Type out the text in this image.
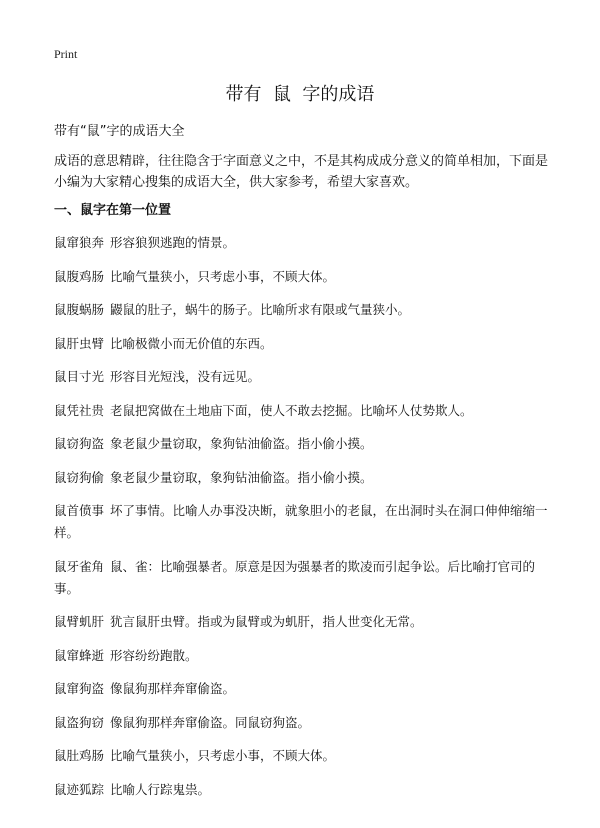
Print
带有  鼠  字的成语
带有“鼠”字的成语大全
成语的意思精辟，往往隐含于字面意义之中，不是其构成成分意义的简单相加，下面是小编为大家精心搜集的成语大全，供大家参考，希望大家喜欢。
一、鼠字在第一位置
鼠窜狼奔 形容狼狈逃跑的情景。
鼠腹鸡肠 比喻气量狭小，只考虑小事，不顾大体。
鼠腹蜗肠 鼹鼠的肚子，蜗牛的肠子。比喻所求有限或气量狭小。
鼠肝虫臂 比喻极微小而无价值的东西。
鼠目寸光 形容目光短浅，没有远见。
鼠凭社贵 老鼠把窝做在土地庙下面，使人不敢去挖掘。比喻坏人仗势欺人。
鼠窃狗盗 象老鼠少量窃取，象狗钻油偷盗。指小偷小摸。
鼠窃狗偷 象老鼠少量窃取，象狗钻油偷盗。指小偷小摸。
鼠首偾事 坏了事情。比喻人办事没决断，就象胆小的老鼠，在出洞时头在洞口伸伸缩缩一样。
鼠牙雀角 鼠、雀：比喻强暴者。原意是因为强暴者的欺凌而引起争讼。后比喻打官司的事。
鼠臂虮肝 犹言鼠肝虫臂。指或为鼠臂或为虮肝，指人世变化无常。
鼠窜蜂逝 形容纷纷跑散。
鼠窜狗盗 像鼠狗那样奔窜偷盗。
鼠盗狗窃 像鼠狗那样奔窜偷盗。同鼠窃狗盗。
鼠肚鸡肠 比喻气量狭小，只考虑小事，不顾大体。
鼠迹狐踪 比喻人行踪鬼祟。
